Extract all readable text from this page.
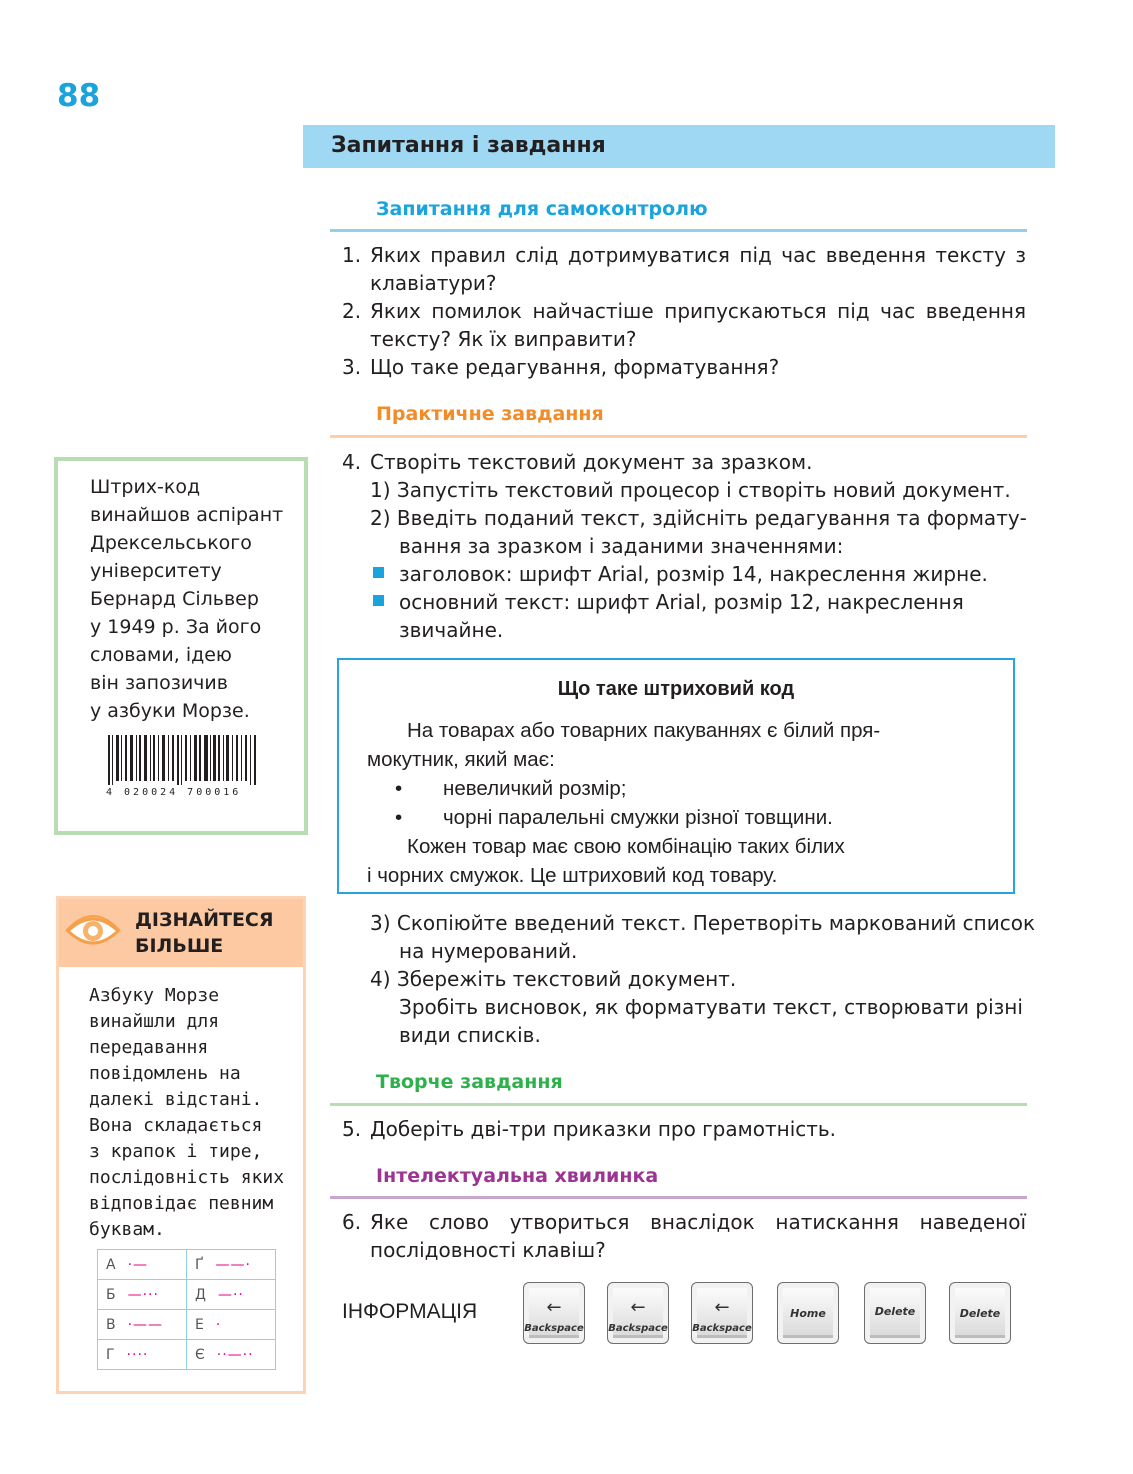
88
Запитання і завдання
Запитання для самоконтролю
1. Яких правил слід дотримуватися під час введення тексту з клавіатури?
2. Яких помилок найчастіше припускаються під час введення тексту? Як їх виправити?
3. Що таке редагування, форматування?
Практичне завдання
4. Створіть текстовий документ за зразком.
1) Запустіть текстовий процесор і створіть новий документ.
2) Введіть поданий текст, здійсніть редагування та формату-
вання за зразком і заданими значеннями:
заголовок: шрифт Arial, розмір 14, накреслення жирне.
основний текст: шрифт Arial, розмір 12, накреслення
звичайне.
Що таке штриховий код
На товарах або товарних пакуваннях є білий пря-
мокутник, який має:
• невеличкий розмір;
• чорні паралельні смужки різної товщини.
Кожен товар має свою комбінацію таких білих
і чорних смужок. Це штриховий код товару.
3) Скопіюйте введений текст. Перетворіть маркований список
на нумерований.
4) Збережіть текстовий документ.
Зробіть висновок, як форматувати текст, створювати різні
види списків.
Творче завдання
5. Доберіть дві-три приказки про грамотність.
Інтелектуальна хвилинка
6. Яке слово утвориться внаслідок натискання наведеної послідовності клавіш?
ІНФОРМАЦІЯ	←
Backspace
←
Backspace
←
Backspace
Home	Delete	Delete
Штрих-код
винайшов аспірант
Дрексельського
університету
Бернард Сільвер
у 1949 р. За його
словами, ідею
він запозичив
у азбуки Морзе.
4 020024 700016
ДІЗНАЙТЕСЯ
БІЛЬШЕ
Азбуку Морзе
винайшли для
передавання
повідомлень на
далекі відстані.
Вона складається
з крапок і тире,
послідовність яких
відповідає певним
буквам.
А ·—	Ґ ——·
Б —···	Д —··
В ·——	Е ·
Г ····	Є ··—··
